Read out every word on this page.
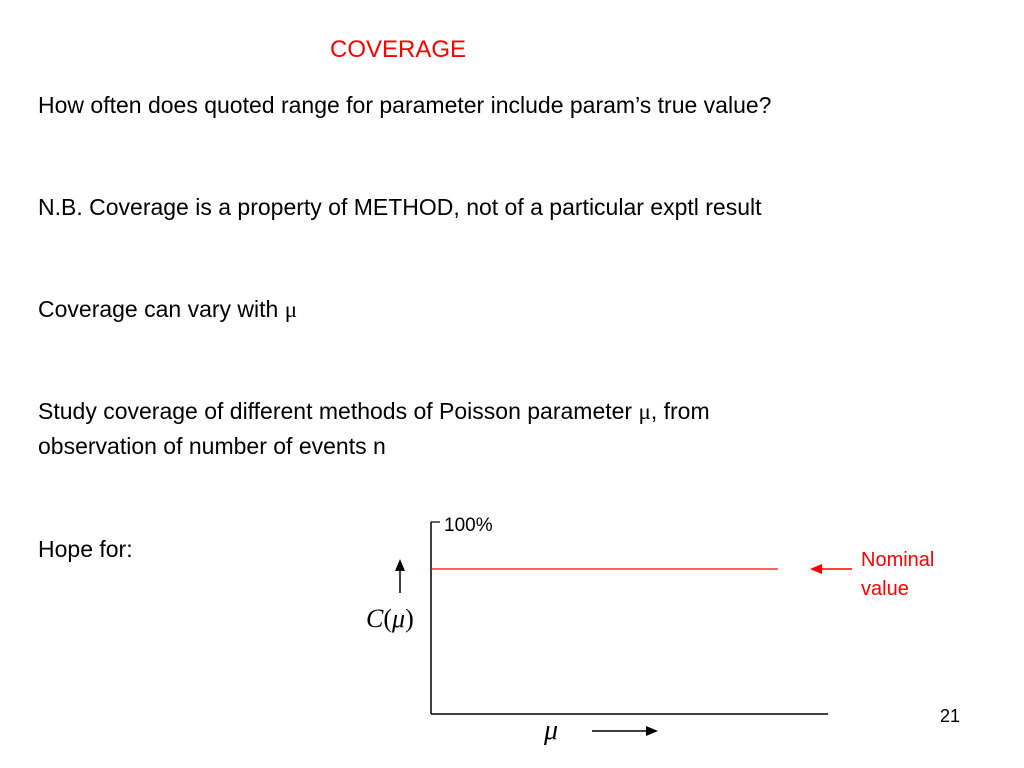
COVERAGE
How often does quoted range for parameter include param’s true value?
N.B. Coverage is a property of METHOD, not of a particular exptl result
Coverage can vary with μ
Study coverage of different methods of Poisson parameter μ, from
observation of number of events n
Hope for:
100%
Nominal
value
C(μ)
μ	21
